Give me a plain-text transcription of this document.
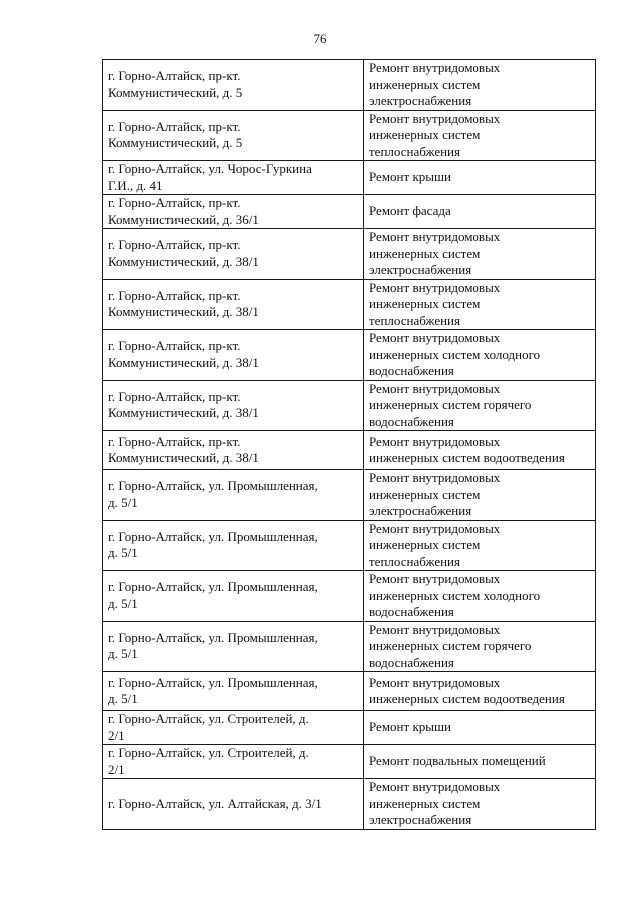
76
г. Горно-Алтайск, пр-кт.
Коммунистический, д. 5	Ремонт внутридомовых
инженерных систем
электроснабжения
г. Горно-Алтайск, пр-кт.
Коммунистический, д. 5	Ремонт внутридомовых
инженерных систем
теплоснабжения
г. Горно-Алтайск, ул. Чорос-Гуркина
Г.И., д. 41	Ремонт крыши
г. Горно-Алтайск, пр-кт.
Коммунистический, д. 36/1	Ремонт фасада
г. Горно-Алтайск, пр-кт.
Коммунистический, д. 38/1	Ремонт внутридомовых
инженерных систем
электроснабжения
г. Горно-Алтайск, пр-кт.
Коммунистический, д. 38/1	Ремонт внутридомовых
инженерных систем
теплоснабжения
г. Горно-Алтайск, пр-кт.
Коммунистический, д. 38/1	Ремонт внутридомовых
инженерных систем холодного
водоснабжения
г. Горно-Алтайск, пр-кт.
Коммунистический, д. 38/1	Ремонт внутридомовых
инженерных систем горячего
водоснабжения
г. Горно-Алтайск, пр-кт.
Коммунистический, д. 38/1	Ремонт внутридомовых
инженерных систем водоотведения
г. Горно-Алтайск, ул. Промышленная,
д. 5/1	Ремонт внутридомовых
инженерных систем
электроснабжения
г. Горно-Алтайск, ул. Промышленная,
д. 5/1	Ремонт внутридомовых
инженерных систем
теплоснабжения
г. Горно-Алтайск, ул. Промышленная,
д. 5/1	Ремонт внутридомовых
инженерных систем холодного
водоснабжения
г. Горно-Алтайск, ул. Промышленная,
д. 5/1	Ремонт внутридомовых
инженерных систем горячего
водоснабжения
г. Горно-Алтайск, ул. Промышленная,
д. 5/1	Ремонт внутридомовых
инженерных систем водоотведения
г. Горно-Алтайск, ул. Строителей, д.
2/1	Ремонт крыши
г. Горно-Алтайск, ул. Строителей, д.
2/1	Ремонт подвальных помещений
г. Горно-Алтайск, ул. Алтайская, д. 3/1	Ремонт внутридомовых
инженерных систем
электроснабжения
